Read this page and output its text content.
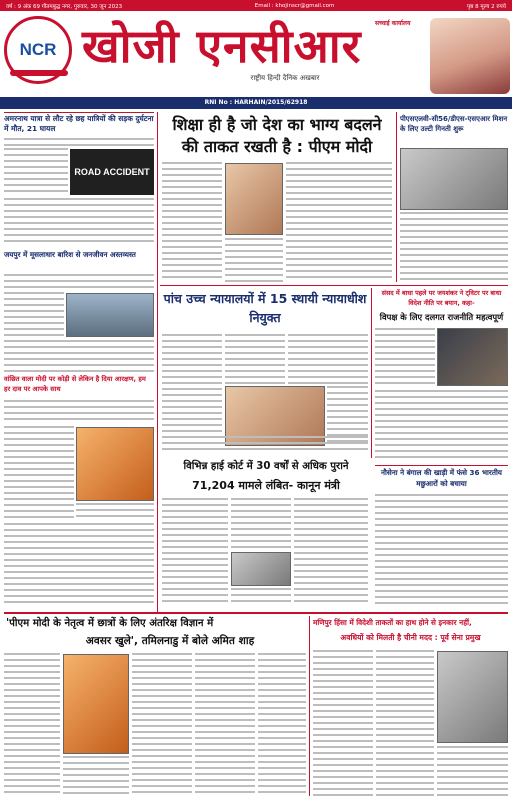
वर्ष : 9 अंक 69 गौतमबुद्ध नगर, गुरुवार, 30 जून 2023	Email : khojinscr@gmail.com	पृष्ठ 8 मूल्य 2 रुपये
NCR खोजी एनसीआर
राष्ट्रीय हिन्दी दैनिक अखबार
सच्चाई कार्यालय
RNI No : HARHAIN/2015/62918
अमरनाथ यात्रा से लौट रहे छह यात्रियों की सड़क दुर्घटना में मौत, 21 घायल
ROAD ACCIDENT
जयपुर में मूसलाधार बारिश से जनजीवन अस्तव्यस्त
वांछित वाला मोदी पर कोड़ी से लेकिन है दिया आरक्षण, हम हर दाव पर आपके साथ
शिक्षा ही है जो देश का भाग्य बदलने
की ताकत रखती है : पीएम मोदी
पीएसएलवी-सी56/डीएस-एसएआर मिशन के लिए उल्टी गिनती शुरू
पांच उच्च न्यायालयों में 15 स्थायी न्यायाधीश नियुक्त
संसद में बाधा पहले पर जयशंकर ने ट्विटर पर बाधा विदेश नीति पर बयान, कहा-
विपक्ष के लिए दलगत राजनीति महत्वपूर्ण
नौसेना ने बंगाल की खाड़ी में फंसे 36 भारतीय मछुआरों को बचाया
विभिन्न हाई कोर्ट में 30 वर्षों से अधिक पुराने
71,204 मामले लंबित- कानून मंत्री
'पीएम मोदी के नेतृत्व में छात्रों के लिए अंतरिक्ष विज्ञान में
अवसर खुले', तमिलनाडु में बोले अमित शाह
मणिपुर हिंसा में विदेशी ताकतों का हाथ होने से इनकार नहीं,
अवधियों को मिलती है चीनी मदद : पूर्व सेना प्रमुख
